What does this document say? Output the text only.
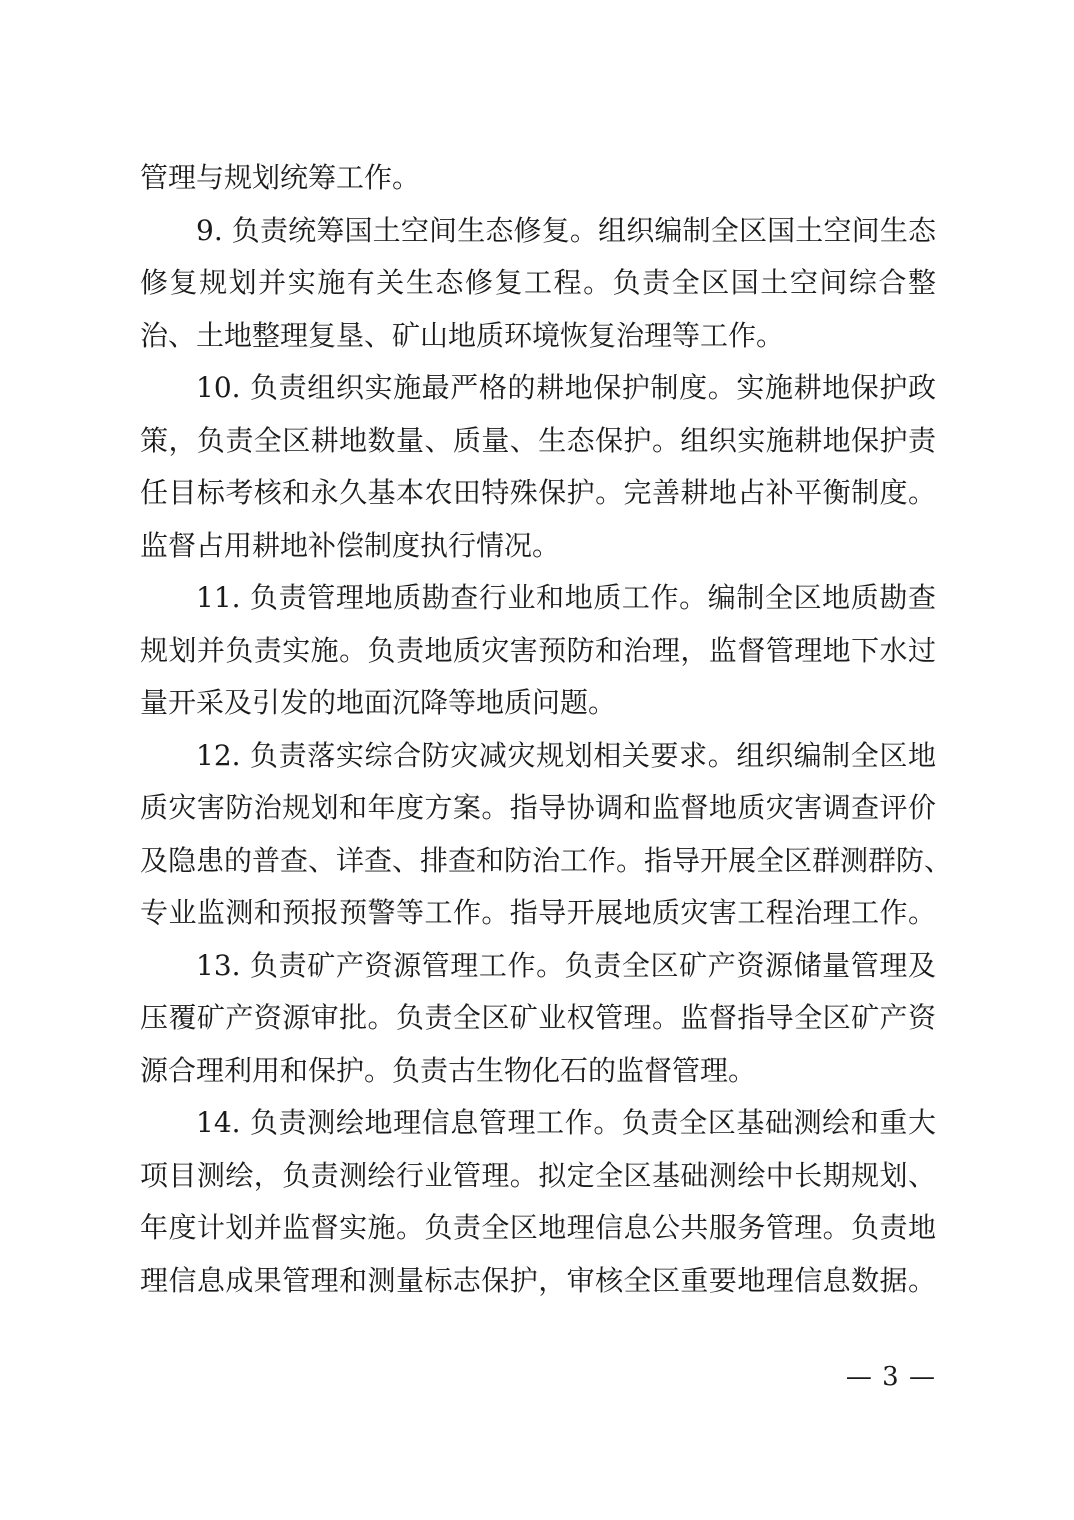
管理与规划统筹工作。
9. 负责统筹国土空间生态修复。组织编制全区国土空间生态
修复规划并实施有关生态修复工程。负责全区国土空间综合整
治、土地整理复垦、矿山地质环境恢复治理等工作。
10. 负责组织实施最严格的耕地保护制度。实施耕地保护政
策，负责全区耕地数量、质量、生态保护。组织实施耕地保护责
任目标考核和永久基本农田特殊保护。完善耕地占补平衡制度。
监督占用耕地补偿制度执行情况。
11. 负责管理地质勘查行业和地质工作。编制全区地质勘查
规划并负责实施。负责地质灾害预防和治理，监督管理地下水过
量开采及引发的地面沉降等地质问题。
12. 负责落实综合防灾减灾规划相关要求。组织编制全区地
质灾害防治规划和年度方案。指导协调和监督地质灾害调查评价
及隐患的普查、详查、排查和防治工作。指导开展全区群测群防、
专业监测和预报预警等工作。指导开展地质灾害工程治理工作。
13. 负责矿产资源管理工作。负责全区矿产资源储量管理及
压覆矿产资源审批。负责全区矿业权管理。监督指导全区矿产资
源合理利用和保护。负责古生物化石的监督管理。
14. 负责测绘地理信息管理工作。负责全区基础测绘和重大
项目测绘，负责测绘行业管理。拟定全区基础测绘中长期规划、
年度计划并监督实施。负责全区地理信息公共服务管理。负责地
理信息成果管理和测量标志保护，审核全区重要地理信息数据。
— 3 —
